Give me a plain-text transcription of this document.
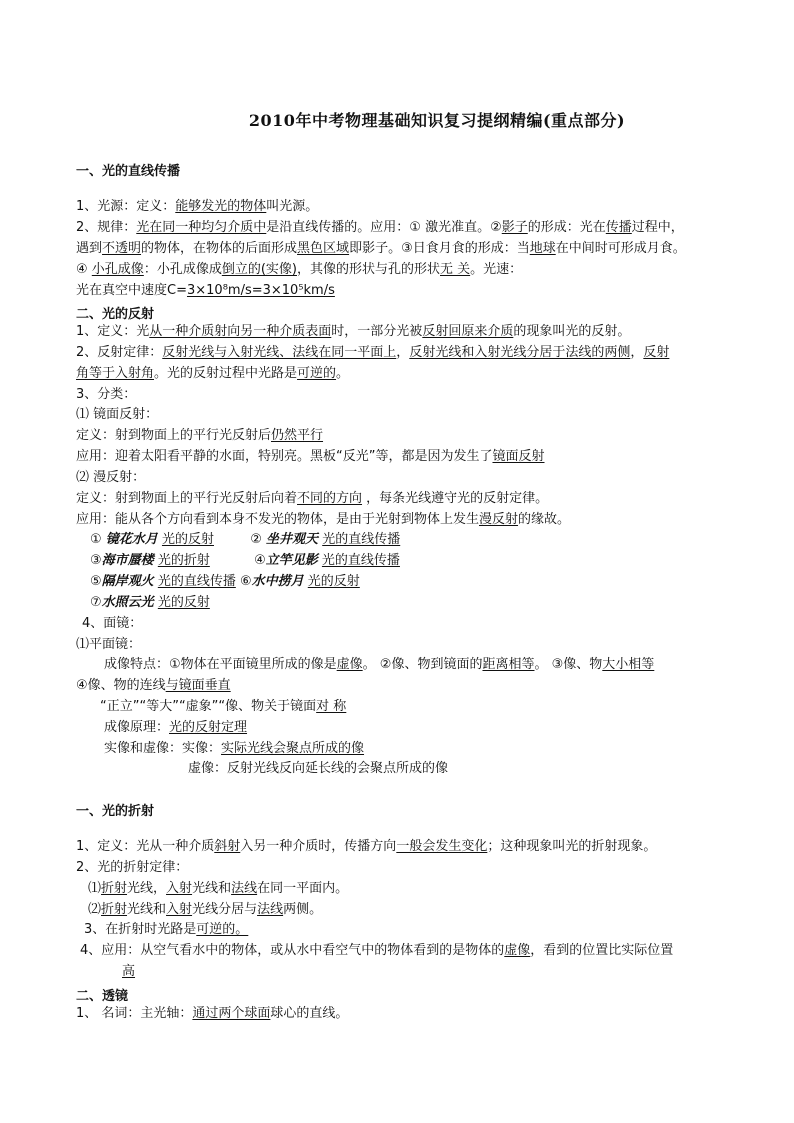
2010年中考物理基础知识复习提纲精编(重点部分)
一、光的直线传播
1、光源：定义：能够发光的物体叫光源。
2、规律：光在同一种均匀介质中是沿直线传播的。应用：① 激光准直。②影子的形成：光在传播过程中，
遇到不透明的物体，在物体的后面形成黑色区域即影子。③日食月食的形成：当地球在中间时可形成月食。
④ 小孔成像：小孔成像成倒立的(实像)，其像的形状与孔的形状无 关。光速：
光在真空中速度C=3×10⁸m/s=3×10⁵km/s
二、光的反射
1、定义：光从一种介质射向另一种介质表面时，一部分光被反射回原来介质的现象叫光的反射。
2、反射定律：反射光线与入射光线、法线在同一平面上，反射光线和入射光线分居于法线的两侧，反射
角等于入射角。光的反射过程中光路是可逆的。
3、分类：
⑴ 镜面反射：
定义：射到物面上的平行光反射后仍然平行
应用：迎着太阳看平静的水面，特别亮。黑板“反光”等，都是因为发生了镜面反射
⑵ 漫反射：
定义：射到物面上的平行光反射后向着不同的方向 ，每条光线遵守光的反射定律。
应用：能从各个方向看到本身不发光的物体，是由于光射到物体上发生漫反射的缘故。
① 镜花水月 光的反射	② 坐井观天 光的直线传播
③海市蜃楼 光的折射	④立竿见影 光的直线传播
⑤隔岸观火 光的直线传播 ⑥水中捞月 光的反射
⑦水照云光 光的反射
4、面镜：
⑴平面镜：
成像特点：①物体在平面镜里所成的像是虚像。 ②像、物到镜面的距离相等。 ③像、物大小相等
④像、物的连线与镜面垂直
“正立”“等大”“虚象”“像、物关于镜面对 称
成像原理：光的反射定理
实像和虚像：实像：实际光线会聚点所成的像
虚像：反射光线反向延长线的会聚点所成的像
一、光的折射
1、定义：光从一种介质斜射入另一种介质时，传播方向一般会发生变化；这种现象叫光的折射现象。
2、光的折射定律：
⑴折射光线，入射光线和法线在同一平面内。
⑵折射光线和入射光线分居与法线两侧。
3、在折射时光路是可逆的。
4、应用：从空气看水中的物体，或从水中看空气中的物体看到的是物体的虚像，看到的位置比实际位置
高
二、透镜
1、 名词：主光轴：通过两个球面球心的直线。
